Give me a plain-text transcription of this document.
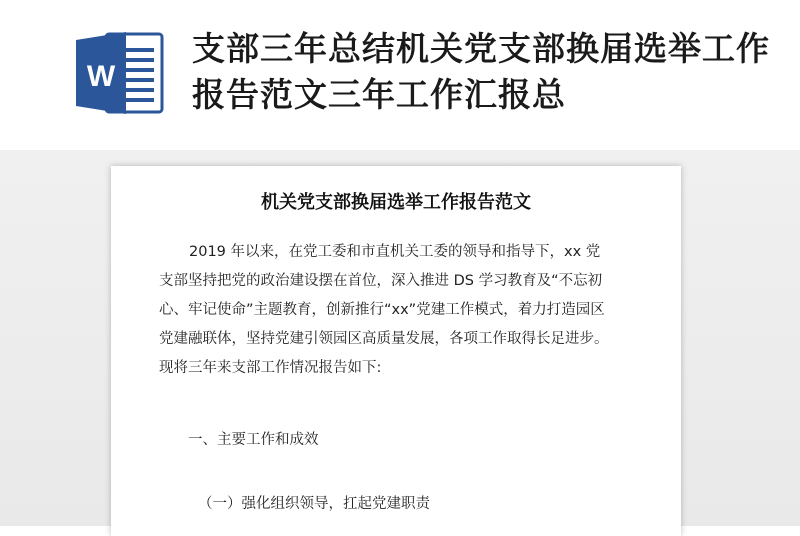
W
支部三年总结机关党支部换届选举工作报告范文三年工作汇报总
机关党支部换届选举工作报告范文
2019 年以来，在党工委和市直机关工委的领导和指导下，xx 党
支部坚持把党的政治建设摆在首位，深入推进 DS 学习教育及“不忘初
心、牢记使命”主题教育，创新推行“xx”党建工作模式，着力打造园区
党建融联体，坚持党建引领园区高质量发展，各项工作取得长足进步。
现将三年来支部工作情况报告如下:
一、主要工作和成效
（一）强化组织领导，扛起党建职责
